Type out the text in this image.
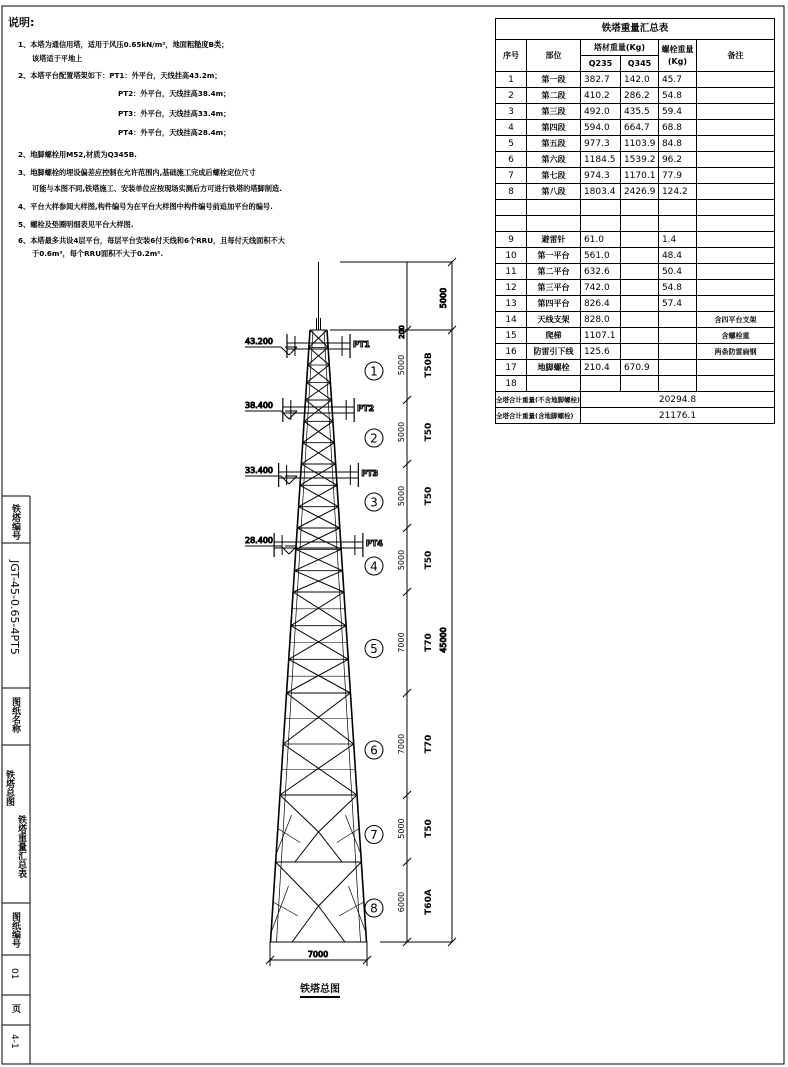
5000
200
45000
7000
PT1
43.200
PT2
38.400
PT3
33.400
PT4
28.400
1 5000 T50B
2 5000 T50
3 5000 T50
4 5000 T50
5 7000 T70
6 7000 T70
7 5000 T50
8 6000 T60A
说明:
1、本塔为通信用塔，适用于风压0.65kN/m²，地面粗糙度B类；
该塔适于平地上
2、本塔平台配置塔架如下：PT1：外平台，天线挂高43.2m；
PT2：外平台，天线挂高38.4m；
PT3：外平台，天线挂高33.4m；
PT4：外平台，天线挂高28.4m；
2、地脚螺栓用M52,材质为Q345B.
3、地脚螺栓的埋设偏差应控制在允许范围内,基础施工完成后螺栓定位尺寸
可能与本图不同,铁塔施工、安装单位应按现场实测后方可进行铁塔的塔脚制造.
4、平台大样参阅大样图,构件编号为在平台大样图中构件编号前追加平台的编号.
5、螺栓及垫圈明细表见平台大样图.
6、本塔最多共设4层平台，每层平台安装6付天线和6个RRU，且每付天线面积不大
于0.6m²，每个RRU面积不大于0.2m².
铁塔重量汇总表					
序号	部位	塔材重量(Kg)		螺栓重量
(Kg)	备注
		Q235	Q345		
1	第一段	382.7	142.0	45.7	
2	第二段	410.2	286.2	54.8	
3	第三段	492.0	435.5	59.4	
4	第四段	594.0	664.7	68.8	
5	第五段	977.3	1103.9	84.8	
6	第六段	1184.5	1539.2	96.2	
7	第七段	974.3	1170.1	77.9	
8	第八段	1803.4	2426.9	124.2	

9	避雷针	61.0		1.4	
10	第一平台	561.0		48.4	
11	第二平台	632.6		50.4	
12	第三平台	742.0		54.8	
13	第四平台	826.4		57.4	
14	天线支架	828.0			含四平台支架
15	爬梯	1107.1			含螺栓重
16	防雷引下线	125.6			两条防雷扁钢
17	地脚螺栓	210.4	670.9		
18					
全塔合计重量(不含地脚螺栓)		20294.8			
全塔合计重量(含地脚螺栓)		21176.1			
铁塔编号
JGT-45-0.65-4PT5
图纸名称
铁塔总图
铁塔重量汇总表
图纸编号
01
页
4-1
铁塔总图
